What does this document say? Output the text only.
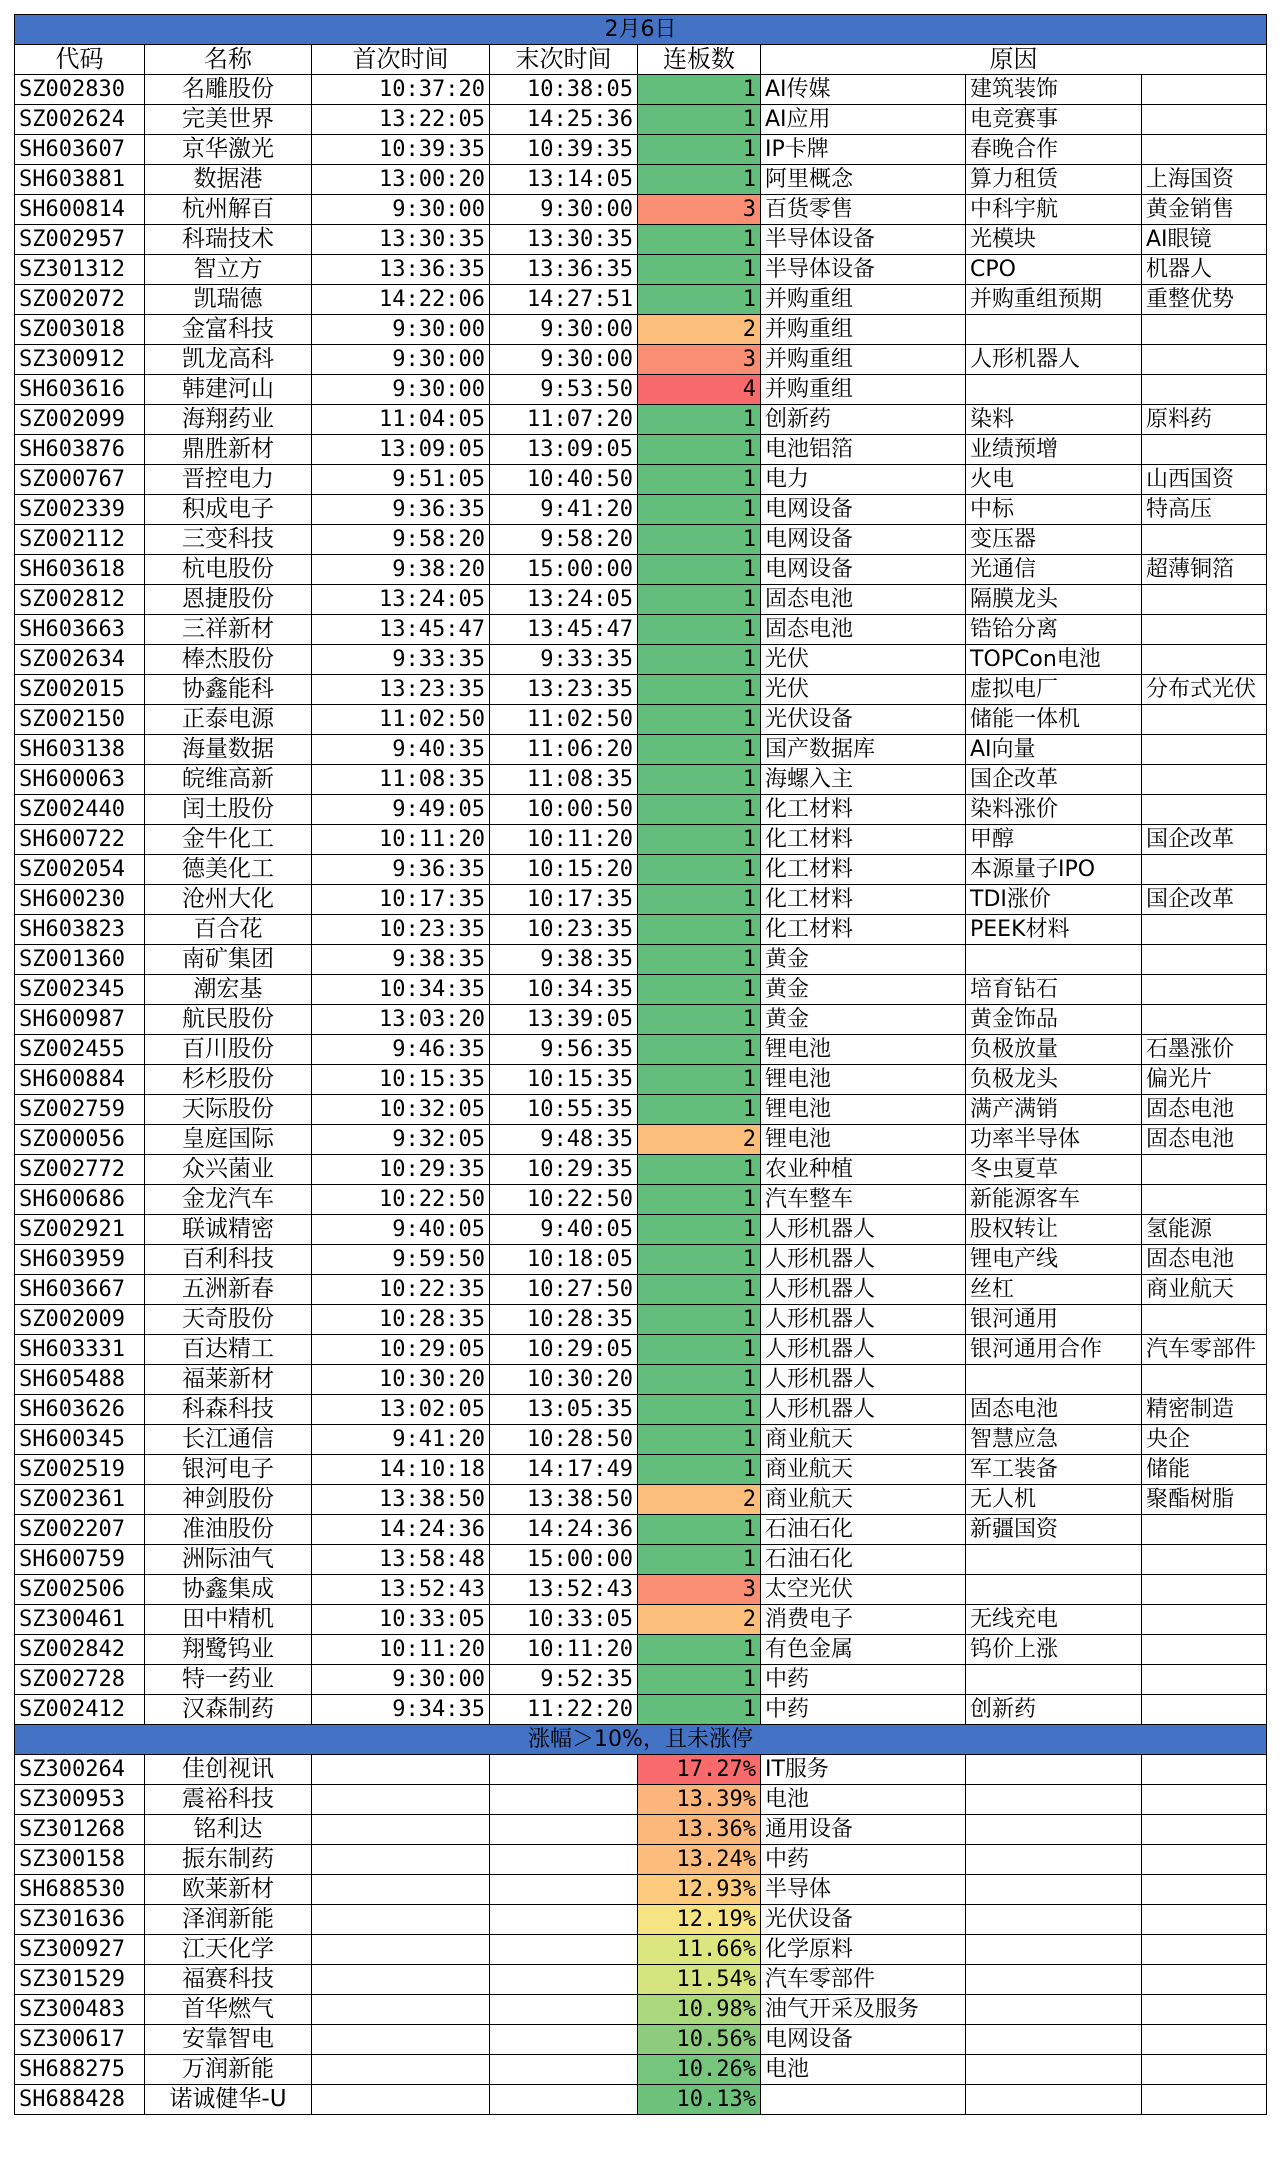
2月6日							
代码	名称	首次时间	末次时间	连板数	原因		
SZ002830	名雕股份	10:37:20	10:38:05	1	AI传媒	建筑装饰	
SZ002624	完美世界	13:22:05	14:25:36	1	AI应用	电竞赛事	
SH603607	京华激光	10:39:35	10:39:35	1	IP卡牌	春晚合作	
SH603881	数据港	13:00:20	13:14:05	1	阿里概念	算力租赁	上海国资
SH600814	杭州解百	9:30:00	9:30:00	3	百货零售	中科宇航	黄金销售
SZ002957	科瑞技术	13:30:35	13:30:35	1	半导体设备	光模块	AI眼镜
SZ301312	智立方	13:36:35	13:36:35	1	半导体设备	CPO	机器人
SZ002072	凯瑞德	14:22:06	14:27:51	1	并购重组	并购重组预期	重整优势
SZ003018	金富科技	9:30:00	9:30:00	2	并购重组		
SZ300912	凯龙高科	9:30:00	9:30:00	3	并购重组	人形机器人	
SH603616	韩建河山	9:30:00	9:53:50	4	并购重组		
SZ002099	海翔药业	11:04:05	11:07:20	1	创新药	染料	原料药
SH603876	鼎胜新材	13:09:05	13:09:05	1	电池铝箔	业绩预增	
SZ000767	晋控电力	9:51:05	10:40:50	1	电力	火电	山西国资
SZ002339	积成电子	9:36:35	9:41:20	1	电网设备	中标	特高压
SZ002112	三变科技	9:58:20	9:58:20	1	电网设备	变压器	
SH603618	杭电股份	9:38:20	15:00:00	1	电网设备	光通信	超薄铜箔
SZ002812	恩捷股份	13:24:05	13:24:05	1	固态电池	隔膜龙头	
SH603663	三祥新材	13:45:47	13:45:47	1	固态电池	锆铪分离	
SZ002634	棒杰股份	9:33:35	9:33:35	1	光伏	TOPCon电池	
SZ002015	协鑫能科	13:23:35	13:23:35	1	光伏	虚拟电厂	分布式光伏
SZ002150	正泰电源	11:02:50	11:02:50	1	光伏设备	储能一体机	
SH603138	海量数据	9:40:35	11:06:20	1	国产数据库	AI向量	
SH600063	皖维高新	11:08:35	11:08:35	1	海螺入主	国企改革	
SZ002440	闰土股份	9:49:05	10:00:50	1	化工材料	染料涨价	
SH600722	金牛化工	10:11:20	10:11:20	1	化工材料	甲醇	国企改革
SZ002054	德美化工	9:36:35	10:15:20	1	化工材料	本源量子IPO	
SH600230	沧州大化	10:17:35	10:17:35	1	化工材料	TDI涨价	国企改革
SH603823	百合花	10:23:35	10:23:35	1	化工材料	PEEK材料	
SZ001360	南矿集团	9:38:35	9:38:35	1	黄金		
SZ002345	潮宏基	10:34:35	10:34:35	1	黄金	培育钻石	
SH600987	航民股份	13:03:20	13:39:05	1	黄金	黄金饰品	
SZ002455	百川股份	9:46:35	9:56:35	1	锂电池	负极放量	石墨涨价
SH600884	杉杉股份	10:15:35	10:15:35	1	锂电池	负极龙头	偏光片
SZ002759	天际股份	10:32:05	10:55:35	1	锂电池	满产满销	固态电池
SZ000056	皇庭国际	9:32:05	9:48:35	2	锂电池	功率半导体	固态电池
SZ002772	众兴菌业	10:29:35	10:29:35	1	农业种植	冬虫夏草	
SH600686	金龙汽车	10:22:50	10:22:50	1	汽车整车	新能源客车	
SZ002921	联诚精密	9:40:05	9:40:05	1	人形机器人	股权转让	氢能源
SH603959	百利科技	9:59:50	10:18:05	1	人形机器人	锂电产线	固态电池
SH603667	五洲新春	10:22:35	10:27:50	1	人形机器人	丝杠	商业航天
SZ002009	天奇股份	10:28:35	10:28:35	1	人形机器人	银河通用	
SH603331	百达精工	10:29:05	10:29:05	1	人形机器人	银河通用合作	汽车零部件
SH605488	福莱新材	10:30:20	10:30:20	1	人形机器人		
SH603626	科森科技	13:02:05	13:05:35	1	人形机器人	固态电池	精密制造
SH600345	长江通信	9:41:20	10:28:50	1	商业航天	智慧应急	央企
SZ002519	银河电子	14:10:18	14:17:49	1	商业航天	军工装备	储能
SZ002361	神剑股份	13:38:50	13:38:50	2	商业航天	无人机	聚酯树脂
SZ002207	准油股份	14:24:36	14:24:36	1	石油石化	新疆国资	
SH600759	洲际油气	13:58:48	15:00:00	1	石油石化		
SZ002506	协鑫集成	13:52:43	13:52:43	3	太空光伏		
SZ300461	田中精机	10:33:05	10:33:05	2	消费电子	无线充电	
SZ002842	翔鹭钨业	10:11:20	10:11:20	1	有色金属	钨价上涨	
SZ002728	特一药业	9:30:00	9:52:35	1	中药		
SZ002412	汉森制药	9:34:35	11:22:20	1	中药	创新药	
涨幅＞10%，且未涨停							
SZ300264	佳创视讯			17.27%	IT服务		
SZ300953	震裕科技			13.39%	电池		
SZ301268	铭利达			13.36%	通用设备		
SZ300158	振东制药			13.24%	中药		
SH688530	欧莱新材			12.93%	半导体		
SZ301636	泽润新能			12.19%	光伏设备		
SZ300927	江天化学			11.66%	化学原料		
SZ301529	福赛科技			11.54%	汽车零部件		
SZ300483	首华燃气			10.98%	油气开采及服务		
SZ300617	安靠智电			10.56%	电网设备		
SH688275	万润新能			10.26%	电池		
SH688428	诺诚健华-U			10.13%			
